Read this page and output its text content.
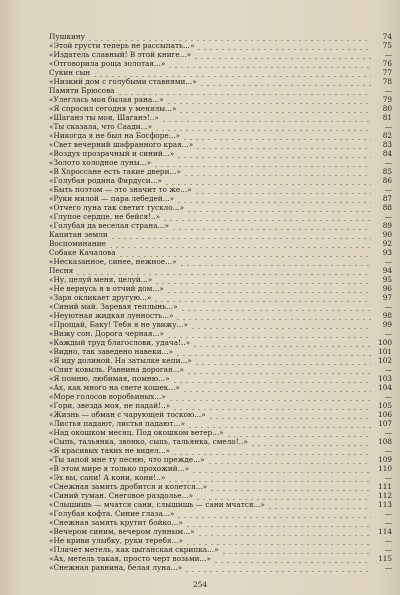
Пушкину	74
«Этой грусти теперь не рассыпать...»	75
«Издатель славный! В этой книге...»	—
«Отговорила роща золотая...»	76
Сукин сын	77
«Низкий дом с голубыми ставнями...»	78
Памяти Брюсова	—
«Улеглась моя былая рана...»	79
«Я спросил сегодня у менялы...»	80
«Шаганэ ты моя, Шаганэ!..»	81
«Ты сказала, что Саади...»	—
«Никогда я не был на Босфоре...»	82
«Свет вечерний шафранного края...»	83
«Воздух прозрачный и синий...»	84
«Золото холодное луны...»	—
«В Хороссане есть такие двери...»	85
«Голубая родина Фирдуси...»	86
«Быть поэтом — это значит то же...»	—
«Руки милой — пара лебедей...»	87
«Отчего луна так светит тускло...»	88
«Глупое сердце, не бейся!..»	—
«Голубая да веселая страна...»	89
Капитан земли	90
Воспоминание	92
Собаке Качалова	93
«Несказанное, синее, нежное...»	—
Песня	94
«Ну, целуй меня, целуй...»	95
«Не вернусь я в отчий дом...»	96
«Заря окликает другую...»	97
«Синий май. Заревая теплынь...»	—
«Неуютная жидкая лунность...»	98
«Прощай, Баку! Тебя я не увижу...»	99
«Вижу сон. Дорога черная...»	—
«Каждый труд благослови, удача!..»	100
«Видно, так заведено навеки...»	101
«Я иду долиной. На затылке кепи...»	102
«Спит ковыль. Равнина дорогая...»	—
«Я помню, любимая, помню...»	103
«Ах, как много на свете кошек...»	104
«Море голосов воробьиных...»	—
«Гори, звезда моя, не падай!..»	105
«Жизнь — обман с чарующей тоскою...»	106
«Листья падают, листья падают...»	107
«Над окошком месяц. Под окошком ветер...»	—
«Сыпь, тальянка, звонко, сыпь, тальянка, смело!..»	108
«Я красивых таких не видел...»	—
«Ты запой мне ту песню, что прежде...»	109
«В этом мире я только прохожий...»	110
«Эх вы, сани! А кони, кони!..»	—
«Снежная замять дробится и колется...»	111
«Синий туман. Снеговое раздолье...»	112
«Слышишь — мчатся сани, слышишь — сани мчатся...»	113
«Голубая кофта. Синие глаза...»	—
«Снежная замять крутит бойко...»	—
«Вечером синим, вечером лунным...»	114
«Не криви улыбку, руки теребя...»	—
«Плачет метель, как цыганская скрипка...»	—
«Ах, метель такая, просто черт возьми...»	115
«Снежная равнина, белая луна...»	—
254
